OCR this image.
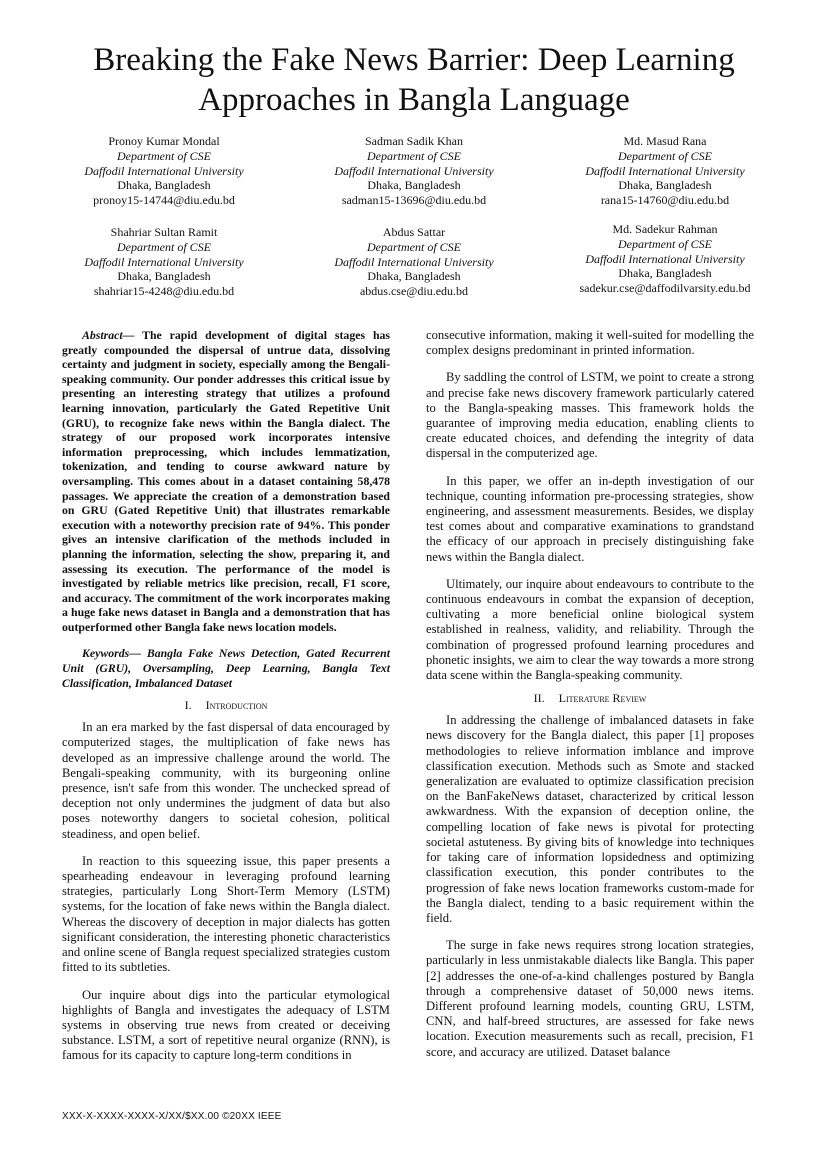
Breaking the Fake News Barrier: Deep Learning Approaches in Bangla Language
Pronoy Kumar Mondal
Department of CSE
Daffodil International University
Dhaka, Bangladesh
pronoy15-14744@diu.edu.bd
Sadman Sadik Khan
Department of CSE
Daffodil International University
Dhaka, Bangladesh
sadman15-13696@diu.edu.bd
Md. Masud Rana
Department of CSE
Daffodil International University
Dhaka, Bangladesh
rana15-14760@diu.edu.bd
Shahriar Sultan Ramit
Department of CSE
Daffodil International University
Dhaka, Bangladesh
shahriar15-4248@diu.edu.bd
Abdus Sattar
Department of CSE
Daffodil International University
Dhaka, Bangladesh
abdus.cse@diu.edu.bd
Md. Sadekur Rahman
Department of CSE
Daffodil International University
Dhaka, Bangladesh
sadekur.cse@daffodilvarsity.edu.bd

Abstract— The rapid development of digital stages has greatly compounded the dispersal of untrue data, dissolving certainty and judgment in society, especially among the Bengali-speaking community. Our ponder addresses this critical issue by presenting an interesting strategy that utilizes a profound learning innovation, particularly the Gated Repetitive Unit (GRU), to recognize fake news within the Bangla dialect. The strategy of our proposed work incorporates intensive information preprocessing, which includes lemmatization, tokenization, and tending to course awkward nature by oversampling. This comes about in a dataset containing 58,478 passages. We appreciate the creation of a demonstration based on GRU (Gated Repetitive Unit) that illustrates remarkable execution with a noteworthy precision rate of 94%. This ponder gives an intensive clarification of the methods included in planning the information, selecting the show, preparing it, and assessing its execution. The performance of the model is investigated by reliable metrics like precision, recall, F1 score, and accuracy. The commitment of the work incorporates making a huge fake news dataset in Bangla and a demonstration that has outperformed other Bangla fake news location models.

Keywords— Bangla Fake News Detection, Gated Recurrent Unit (GRU), Oversampling, Deep Learning, Bangla Text Classification, Imbalanced Dataset

I. Introduction

In an era marked by the fast dispersal of data encouraged by computerized stages, the multiplication of fake news has developed as an impressive challenge around the world. The Bengali-speaking community, with its burgeoning online presence, isn't safe from this wonder. The unchecked spread of deception not only undermines the judgment of data but also poses noteworthy dangers to societal cohesion, political steadiness, and open belief.

In reaction to this squeezing issue, this paper presents a spearheading endeavour in leveraging profound learning strategies, particularly Long Short-Term Memory (LSTM) systems, for the location of fake news within the Bangla dialect. Whereas the discovery of deception in major dialects has gotten significant consideration, the interesting phonetic characteristics and online scene of Bangla request specialized strategies custom fitted to its subtleties.

Our inquire about digs into the particular etymological highlights of Bangla and investigates the adequacy of LSTM systems in observing true news from created or deceiving substance. LSTM, a sort of repetitive neural organize (RNN), is famous for its capacity to capture long-term conditions in

consecutive information, making it well-suited for modelling the complex designs predominant in printed information.

By saddling the control of LSTM, we point to create a strong and precise fake news discovery framework particularly catered to the Bangla-speaking masses. This framework holds the guarantee of improving media education, enabling clients to create educated choices, and defending the integrity of data dispersal in the computerized age.

In this paper, we offer an in-depth investigation of our technique, counting information pre-processing strategies, show engineering, and assessment measurements. Besides, we display test comes about and comparative examinations to grandstand the efficacy of our approach in precisely distinguishing fake news within the Bangla dialect.

Ultimately, our inquire about endeavours to contribute to the continuous endeavours in combat the expansion of deception, cultivating a more beneficial online biological system established in realness, validity, and reliability. Through the combination of progressed profound learning procedures and phonetic insights, we aim to clear the way towards a more strong data scene within the Bangla-speaking community.

II. Literature Review

In addressing the challenge of imbalanced datasets in fake news discovery for the Bangla dialect, this paper [1] proposes methodologies to relieve information imblance and improve classification execution. Methods such as Smote and stacked generalization are evaluated to optimize classification precision on the BanFakeNews dataset, characterized by critical lesson awkwardness. With the expansion of deception online, the compelling location of fake news is pivotal for protecting societal astuteness. By giving bits of knowledge into techniques for taking care of information lopsidedness and optimizing classification execution, this ponder contributes to the progression of fake news location frameworks custom-made for the Bangla dialect, tending to a basic requirement within the field.

The surge in fake news requires strong location strategies, particularly in less unmistakable dialects like Bangla. This paper [2] addresses the one-of-a-kind challenges postured by Bangla through a comprehensive dataset of 50,000 news items. Different profound learning models, counting GRU, LSTM, CNN, and half-breed structures, are assessed for fake news location. Execution measurements such as recall, precision, F1 score, and accuracy are utilized. Dataset balance

XXX-X-XXXX-XXXX-X/XX/$XX.00 ©20XX IEEE
